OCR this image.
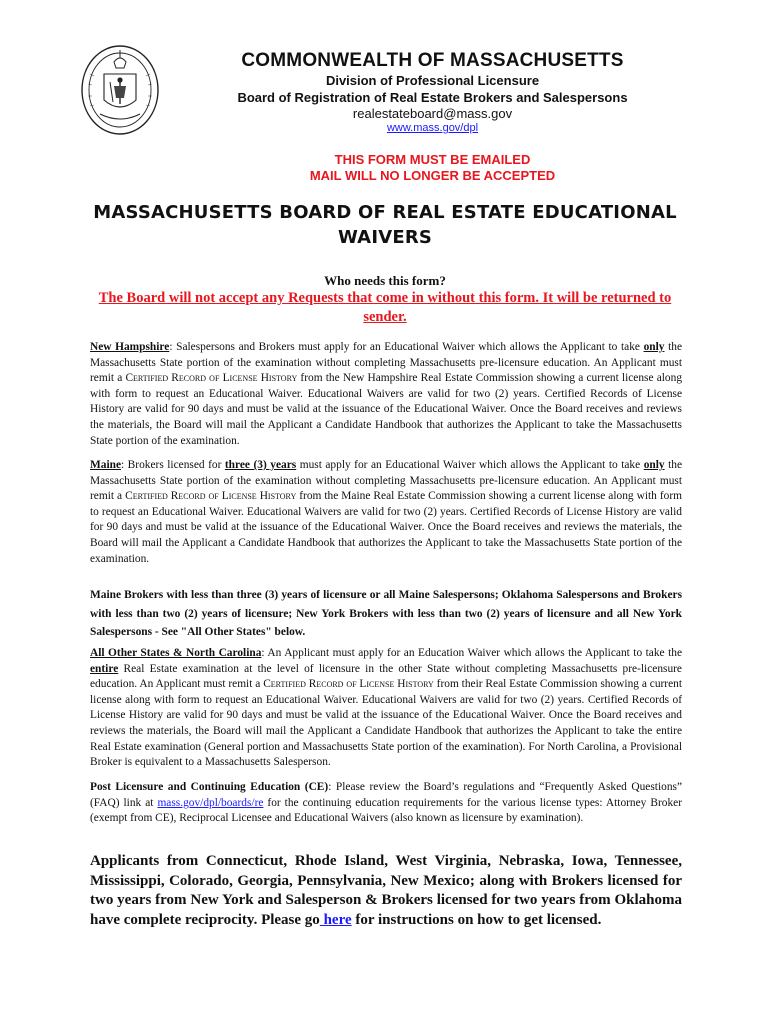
COMMONWEALTH OF MASSACHUSETTS
Division of Professional Licensure
Board of Registration of Real Estate Brokers and Salespersons
realestateboard@mass.gov
www.mass.gov/dpl
THIS FORM MUST BE EMAILED
MAIL WILL NO LONGER BE ACCEPTED
MASSACHUSETTS BOARD OF REAL ESTATE EDUCATIONAL WAIVERS
Who needs this form?
The Board will not accept any Requests that come in without this form. It will be returned to sender.
New Hampshire: Salespersons and Brokers must apply for an Educational Waiver which allows the Applicant to take only the Massachusetts State portion of the examination without completing Massachusetts pre-licensure education. An Applicant must remit a Certified Record of License History from the New Hampshire Real Estate Commission showing a current license along with form to request an Educational Waiver. Educational Waivers are valid for two (2) years. Certified Records of License History are valid for 90 days and must be valid at the issuance of the Educational Waiver. Once the Board receives and reviews the materials, the Board will mail the Applicant a Candidate Handbook that authorizes the Applicant to take the Massachusetts State portion of the examination.
Maine: Brokers licensed for three (3) years must apply for an Educational Waiver which allows the Applicant to take only the Massachusetts State portion of the examination without completing Massachusetts pre-licensure education. An Applicant must remit a Certified Record of License History from the Maine Real Estate Commission showing a current license along with form to request an Educational Waiver. Educational Waivers are valid for two (2) years. Certified Records of License History are valid for 90 days and must be valid at the issuance of the Educational Waiver. Once the Board receives and reviews the materials, the Board will mail the Applicant a Candidate Handbook that authorizes the Applicant to take the Massachusetts State portion of the examination.
Maine Brokers with less than three (3) years of licensure or all Maine Salespersons; Oklahoma Salespersons and Brokers with less than two (2) years of licensure; New York Brokers with less than two (2) years of licensure and all New York Salespersons - See "All Other States" below.
All Other States & North Carolina: An Applicant must apply for an Education Waiver which allows the Applicant to take the entire Real Estate examination at the level of licensure in the other State without completing Massachusetts pre-licensure education. An Applicant must remit a Certified Record of License History from their Real Estate Commission showing a current license along with form to request an Educational Waiver. Educational Waivers are valid for two (2) years. Certified Records of License History are valid for 90 days and must be valid at the issuance of the Educational Waiver. Once the Board receives and reviews the materials, the Board will mail the Applicant a Candidate Handbook that authorizes the Applicant to take the entire Real Estate examination (General portion and Massachusetts State portion of the examination). For North Carolina, a Provisional Broker is equivalent to a Massachusetts Salesperson.
Post Licensure and Continuing Education (CE): Please review the Board’s regulations and “Frequently Asked Questions” (FAQ) link at mass.gov/dpl/boards/re for the continuing education requirements for the various license types: Attorney Broker (exempt from CE), Reciprocal Licensee and Educational Waivers (also known as licensure by examination).
Applicants from Connecticut, Rhode Island, West Virginia, Nebraska, Iowa, Tennessee, Mississippi, Colorado, Georgia, Pennsylvania, New Mexico; along with Brokers licensed for two years from New York and Salesperson & Brokers licensed for two years from Oklahoma have complete reciprocity. Please go here for instructions on how to get licensed.
